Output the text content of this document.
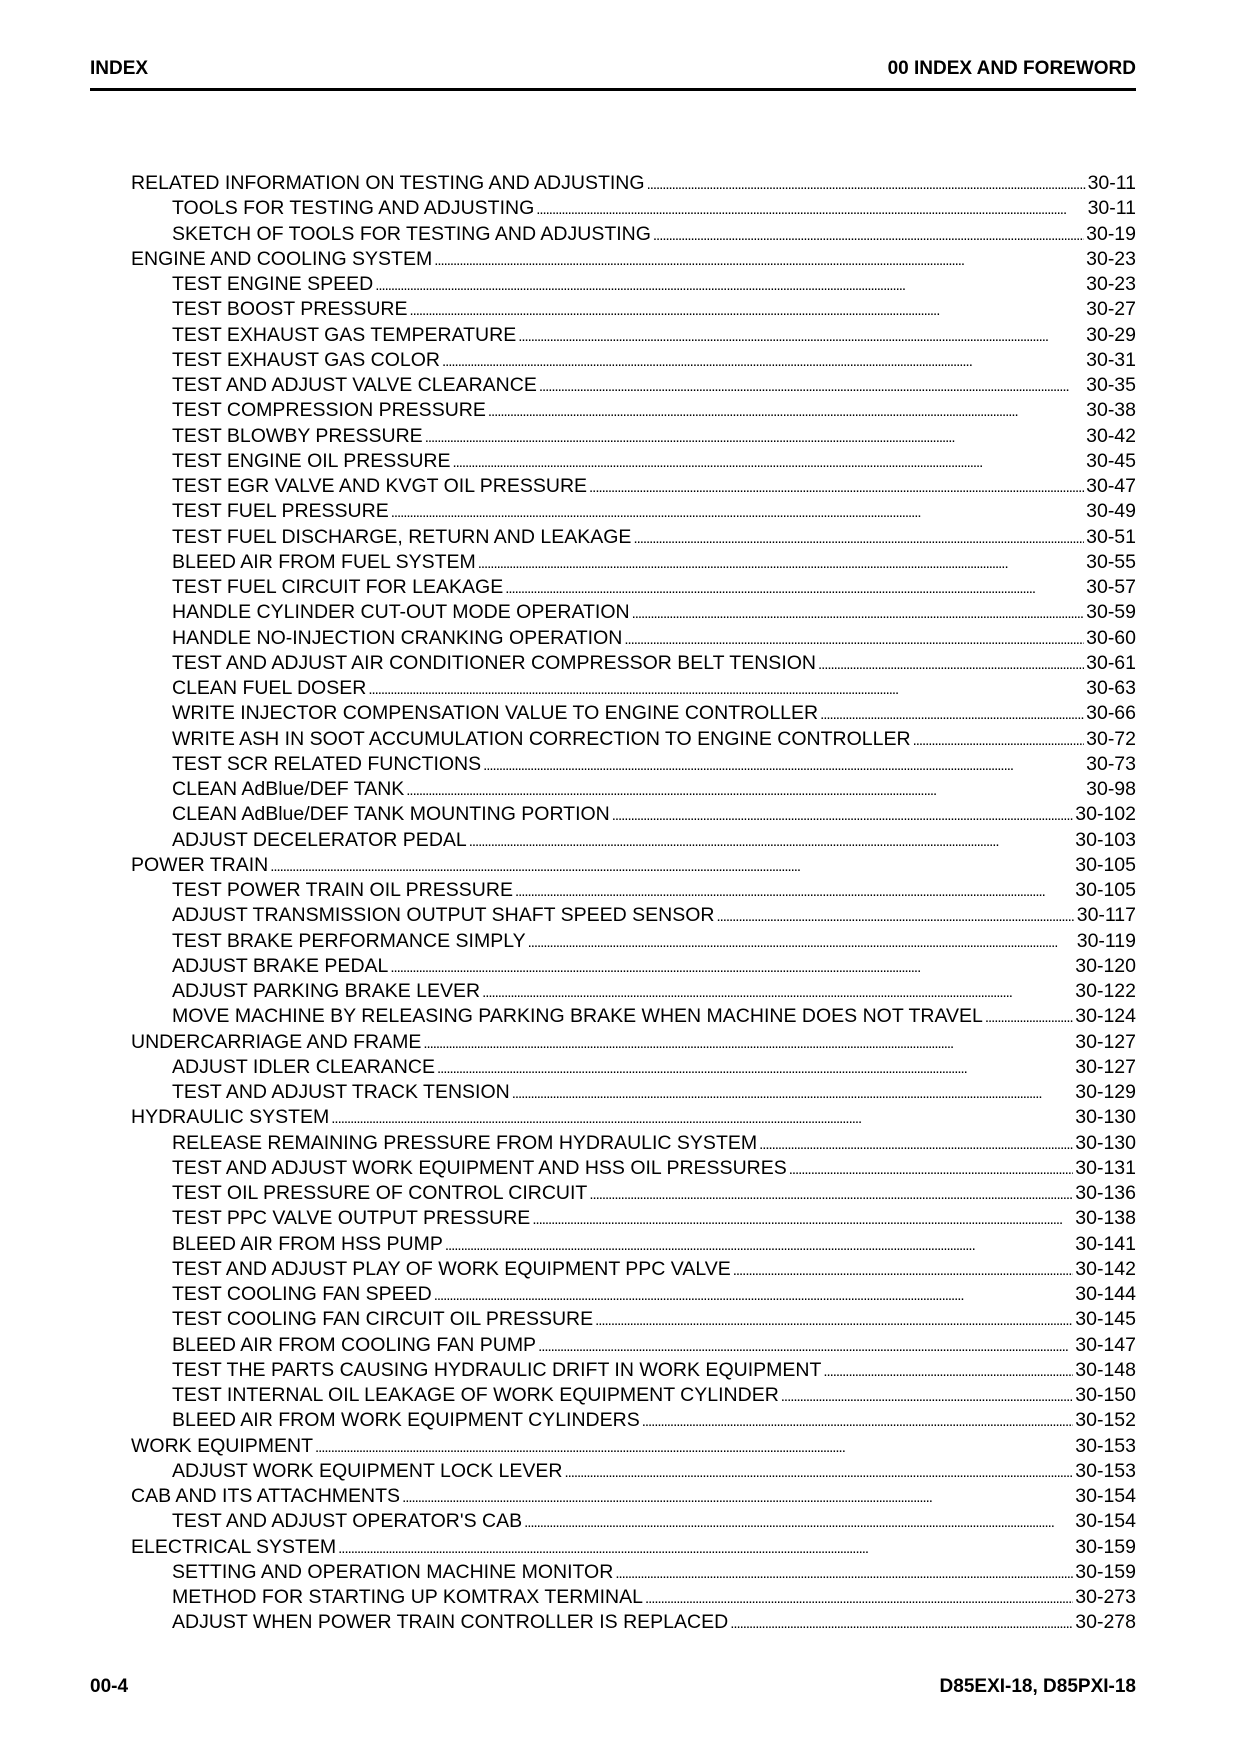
INDEX	00 INDEX AND FOREWORD
RELATED INFORMATION ON TESTING AND ADJUSTING . . .	30-11
TOOLS FOR TESTING AND ADJUSTING . . .	30-11
SKETCH OF TOOLS FOR TESTING AND ADJUSTING . . .	30-19
ENGINE AND COOLING SYSTEM . . .	30-23
TEST ENGINE SPEED . . .	30-23
TEST BOOST PRESSURE . . .	30-27
TEST EXHAUST GAS TEMPERATURE . . .	30-29
TEST EXHAUST GAS COLOR . . .	30-31
TEST AND ADJUST VALVE CLEARANCE . . .	30-35
TEST COMPRESSION PRESSURE . . .	30-38
TEST BLOWBY PRESSURE . . .	30-42
TEST ENGINE OIL PRESSURE . . .	30-45
TEST EGR VALVE AND KVGT OIL PRESSURE . . .	30-47
TEST FUEL PRESSURE . . .	30-49
TEST FUEL DISCHARGE, RETURN AND LEAKAGE . . .	30-51
BLEED AIR FROM FUEL SYSTEM . . .	30-55
TEST FUEL CIRCUIT FOR LEAKAGE . . .	30-57
HANDLE CYLINDER CUT-OUT MODE OPERATION . . .	30-59
HANDLE NO-INJECTION CRANKING OPERATION . . .	30-60
TEST AND ADJUST AIR CONDITIONER COMPRESSOR BELT TENSION . . .	30-61
CLEAN FUEL DOSER . . .	30-63
WRITE INJECTOR COMPENSATION VALUE TO ENGINE CONTROLLER . . .	30-66
WRITE ASH IN SOOT ACCUMULATION CORRECTION TO ENGINE CONTROLLER . . .	30-72
TEST SCR RELATED FUNCTIONS . . .	30-73
CLEAN AdBlue/DEF TANK . . .	30-98
CLEAN AdBlue/DEF TANK MOUNTING PORTION . . .	30-102
ADJUST DECELERATOR PEDAL . . .	30-103
POWER TRAIN . . .	30-105
TEST POWER TRAIN OIL PRESSURE . . .	30-105
ADJUST TRANSMISSION OUTPUT SHAFT SPEED SENSOR . . .	30-117
TEST BRAKE PERFORMANCE SIMPLY . . .	30-119
ADJUST BRAKE PEDAL . . .	30-120
ADJUST PARKING BRAKE LEVER . . .	30-122
MOVE MACHINE BY RELEASING PARKING BRAKE WHEN MACHINE DOES NOT TRAVEL . . .	30-124
UNDERCARRIAGE AND FRAME . . .	30-127
ADJUST IDLER CLEARANCE . . .	30-127
TEST AND ADJUST TRACK TENSION . . .	30-129
HYDRAULIC SYSTEM . . .	30-130
RELEASE REMAINING PRESSURE FROM HYDRAULIC SYSTEM . . .	30-130
TEST AND ADJUST WORK EQUIPMENT AND HSS OIL PRESSURES . . .	30-131
TEST OIL PRESSURE OF CONTROL CIRCUIT . . .	30-136
TEST PPC VALVE OUTPUT PRESSURE . . .	30-138
BLEED AIR FROM HSS PUMP . . .	30-141
TEST AND ADJUST PLAY OF WORK EQUIPMENT PPC VALVE . . .	30-142
TEST COOLING FAN SPEED . . .	30-144
TEST COOLING FAN CIRCUIT OIL PRESSURE . . .	30-145
BLEED AIR FROM COOLING FAN PUMP . . .	30-147
TEST THE PARTS CAUSING HYDRAULIC DRIFT IN WORK EQUIPMENT . . .	30-148
TEST INTERNAL OIL LEAKAGE OF WORK EQUIPMENT CYLINDER . . .	30-150
BLEED AIR FROM WORK EQUIPMENT CYLINDERS . . .	30-152
WORK EQUIPMENT . . .	30-153
ADJUST WORK EQUIPMENT LOCK LEVER . . .	30-153
CAB AND ITS ATTACHMENTS . . .	30-154
TEST AND ADJUST OPERATOR'S CAB . . .	30-154
ELECTRICAL SYSTEM . . .	30-159
SETTING AND OPERATION MACHINE MONITOR . . .	30-159
METHOD FOR STARTING UP KOMTRAX TERMINAL . . .	30-273
ADJUST WHEN POWER TRAIN CONTROLLER IS REPLACED . . .	30-278
00-4	D85EXI-18, D85PXI-18
